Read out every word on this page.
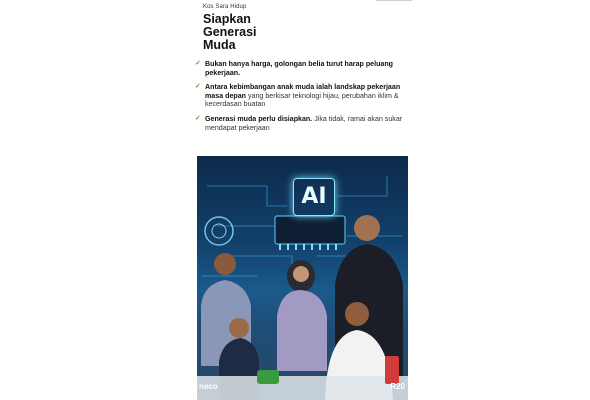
Kos Sara Hidup
Siapkan
Generasi
Muda
✓ Bukan hanya harga, golongan belia turut harap peluang pekerjaan.
✓ Antara kebimbangan anak muda ialah landskap pekerjaan masa depan yang berkisar teknologi hijau, perubahan iklim & kecerdasan buatan
✓ Generasi muda perlu disiapkan. Jika tidak, ramai akan sukar mendapat pekerjaan
AI
neco	R20
